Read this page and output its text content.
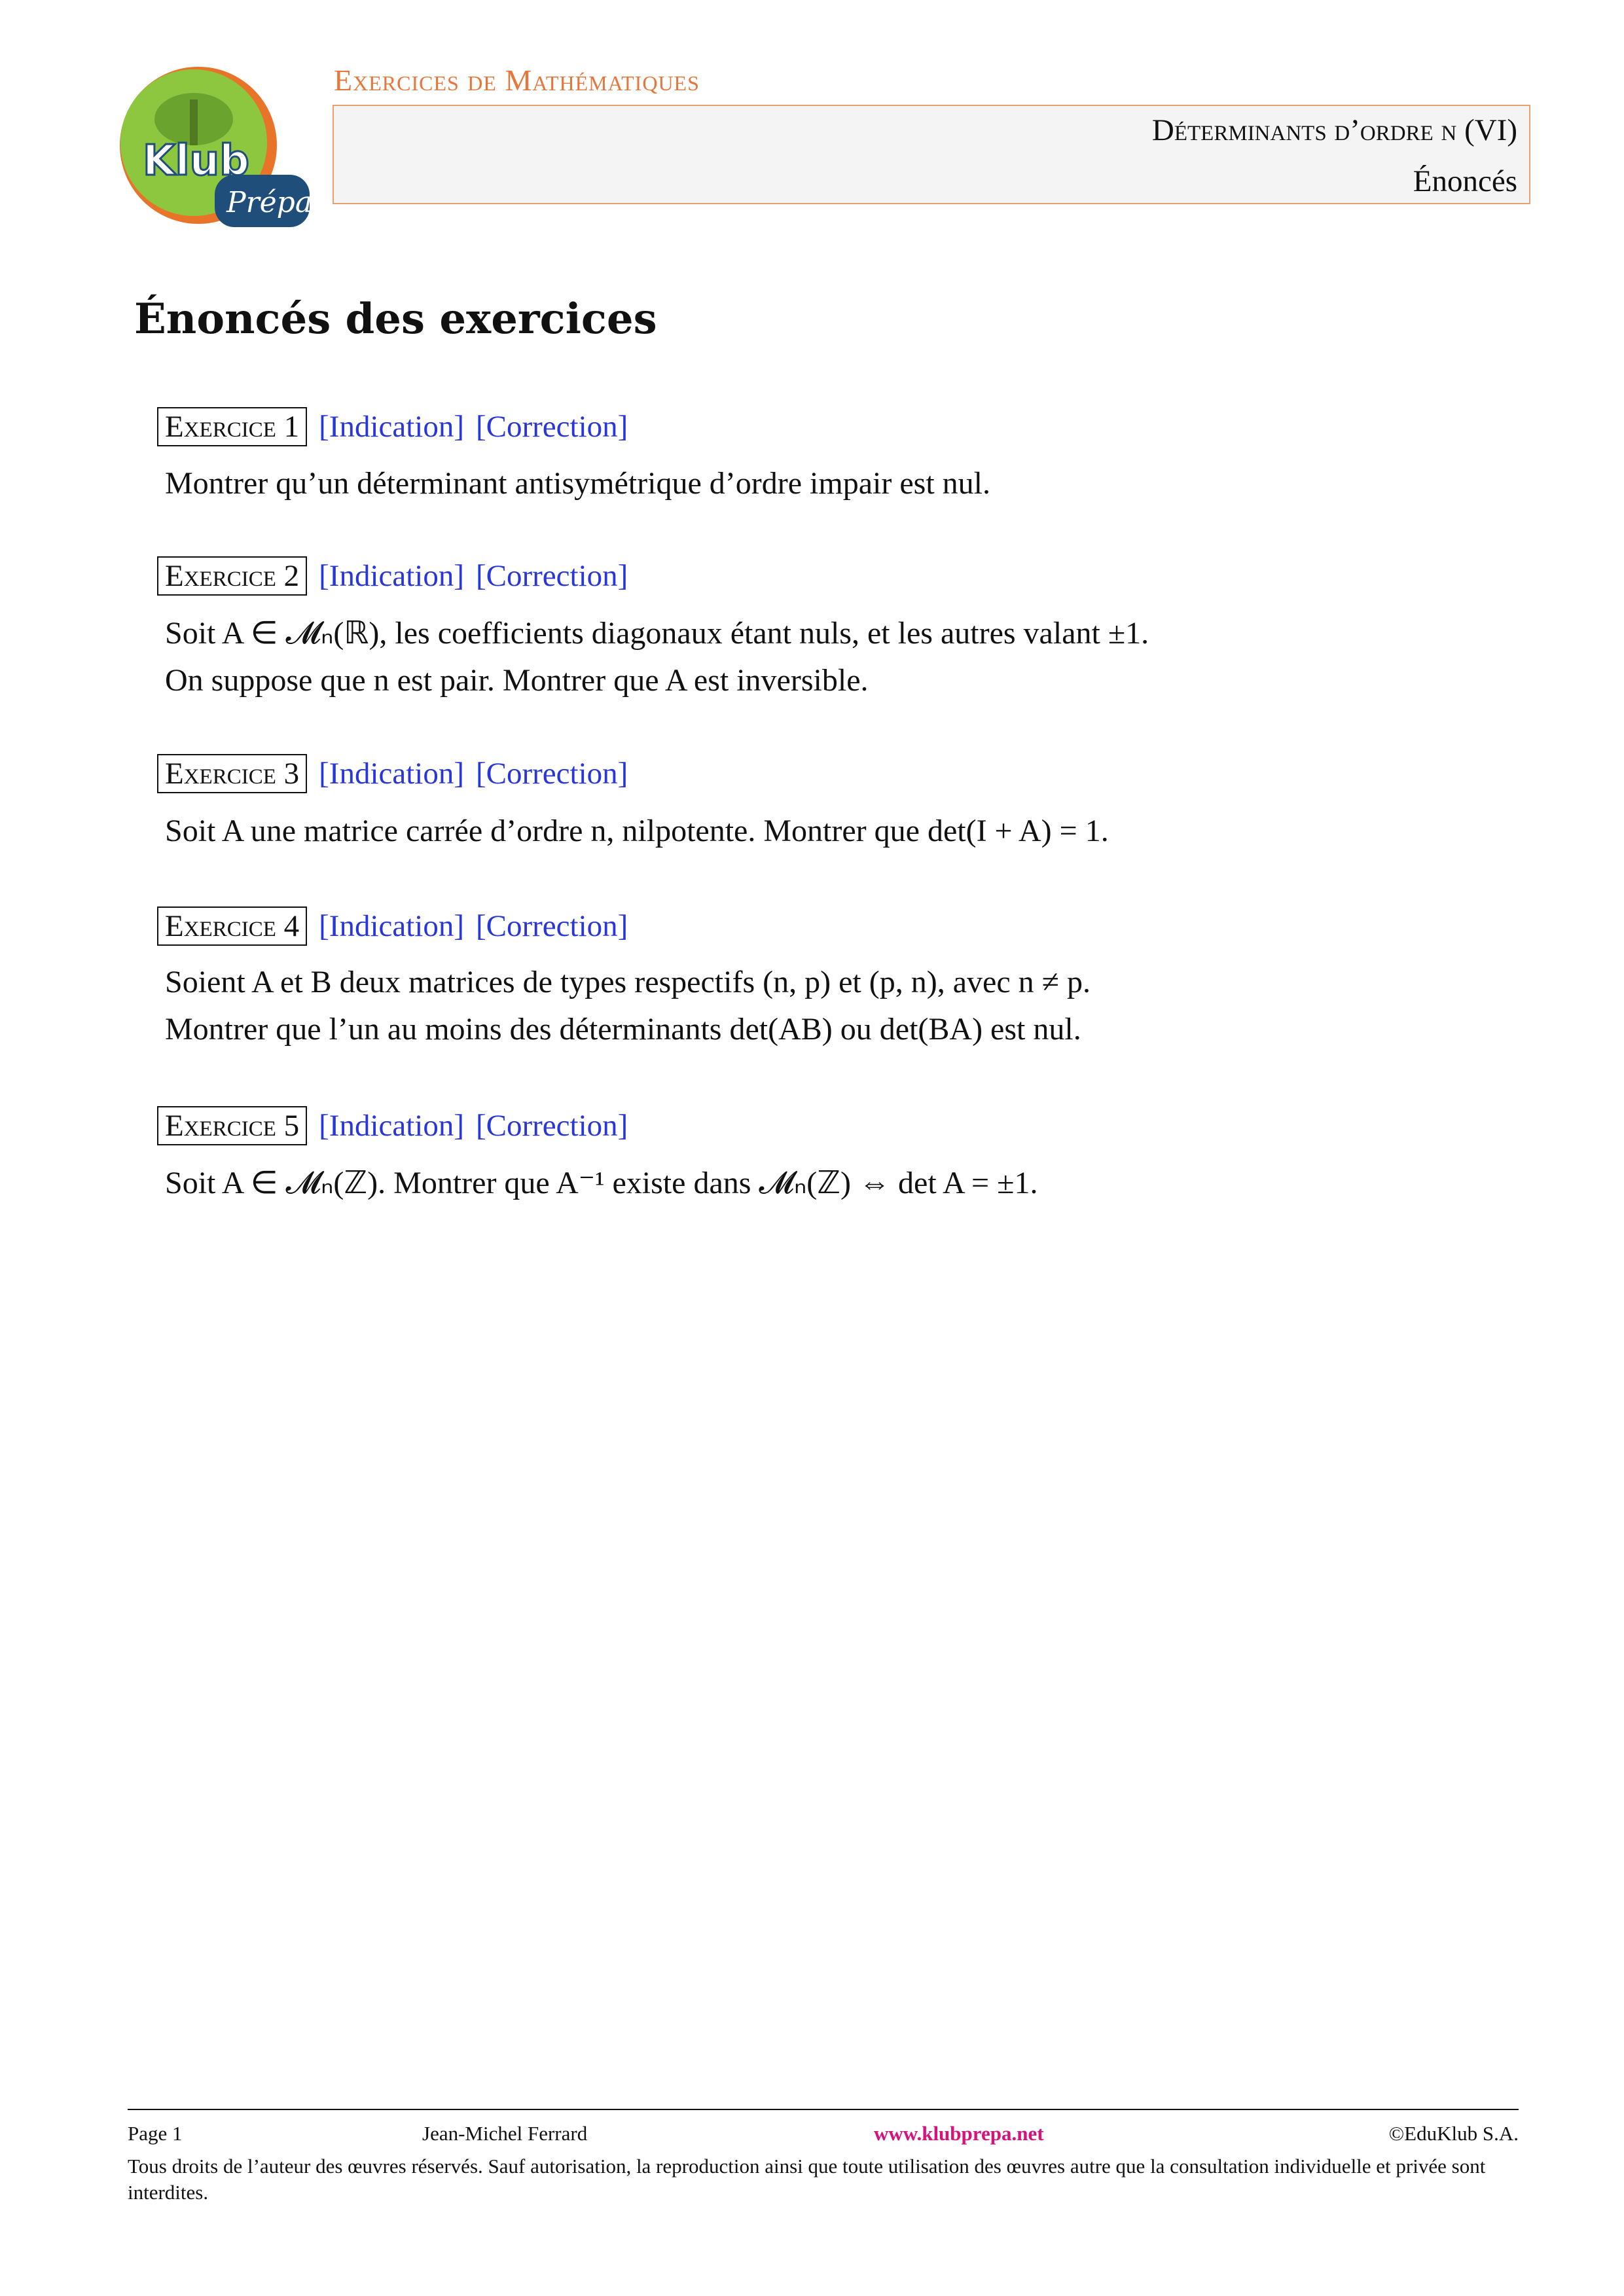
Klub
Prépa
Exercices de Mathématiques
Déterminants d’ordre n (VI)
Énoncés
Énoncés des exercices
Exercice 1 [Indication] [Correction]
Montrer qu’un déterminant antisymétrique d’ordre impair est nul.
Exercice 2 [Indication] [Correction]
Soit A ∈ 𝓜ₙ(ℝ), les coefficients diagonaux étant nuls, et les autres valant ±1.
On suppose que n est pair. Montrer que A est inversible.
Exercice 3 [Indication] [Correction]
Soit A une matrice carrée d’ordre n, nilpotente. Montrer que det(I + A) = 1.
Exercice 4 [Indication] [Correction]
Soient A et B deux matrices de types respectifs (n, p) et (p, n), avec n ≠ p.
Montrer que l’un au moins des déterminants det(AB) ou det(BA) est nul.
Exercice 5 [Indication] [Correction]
Soit A ∈ 𝓜ₙ(ℤ). Montrer que A⁻¹ existe dans 𝓜ₙ(ℤ) ⇔ det A = ±1.
Page 1	Jean-Michel Ferrard	www.klubprepa.net	©EduKlub S.A.
Tous droits de l’auteur des œuvres réservés. Sauf autorisation, la reproduction ainsi que toute utilisation des œuvres autre que la consultation individuelle et privée sont interdites.
